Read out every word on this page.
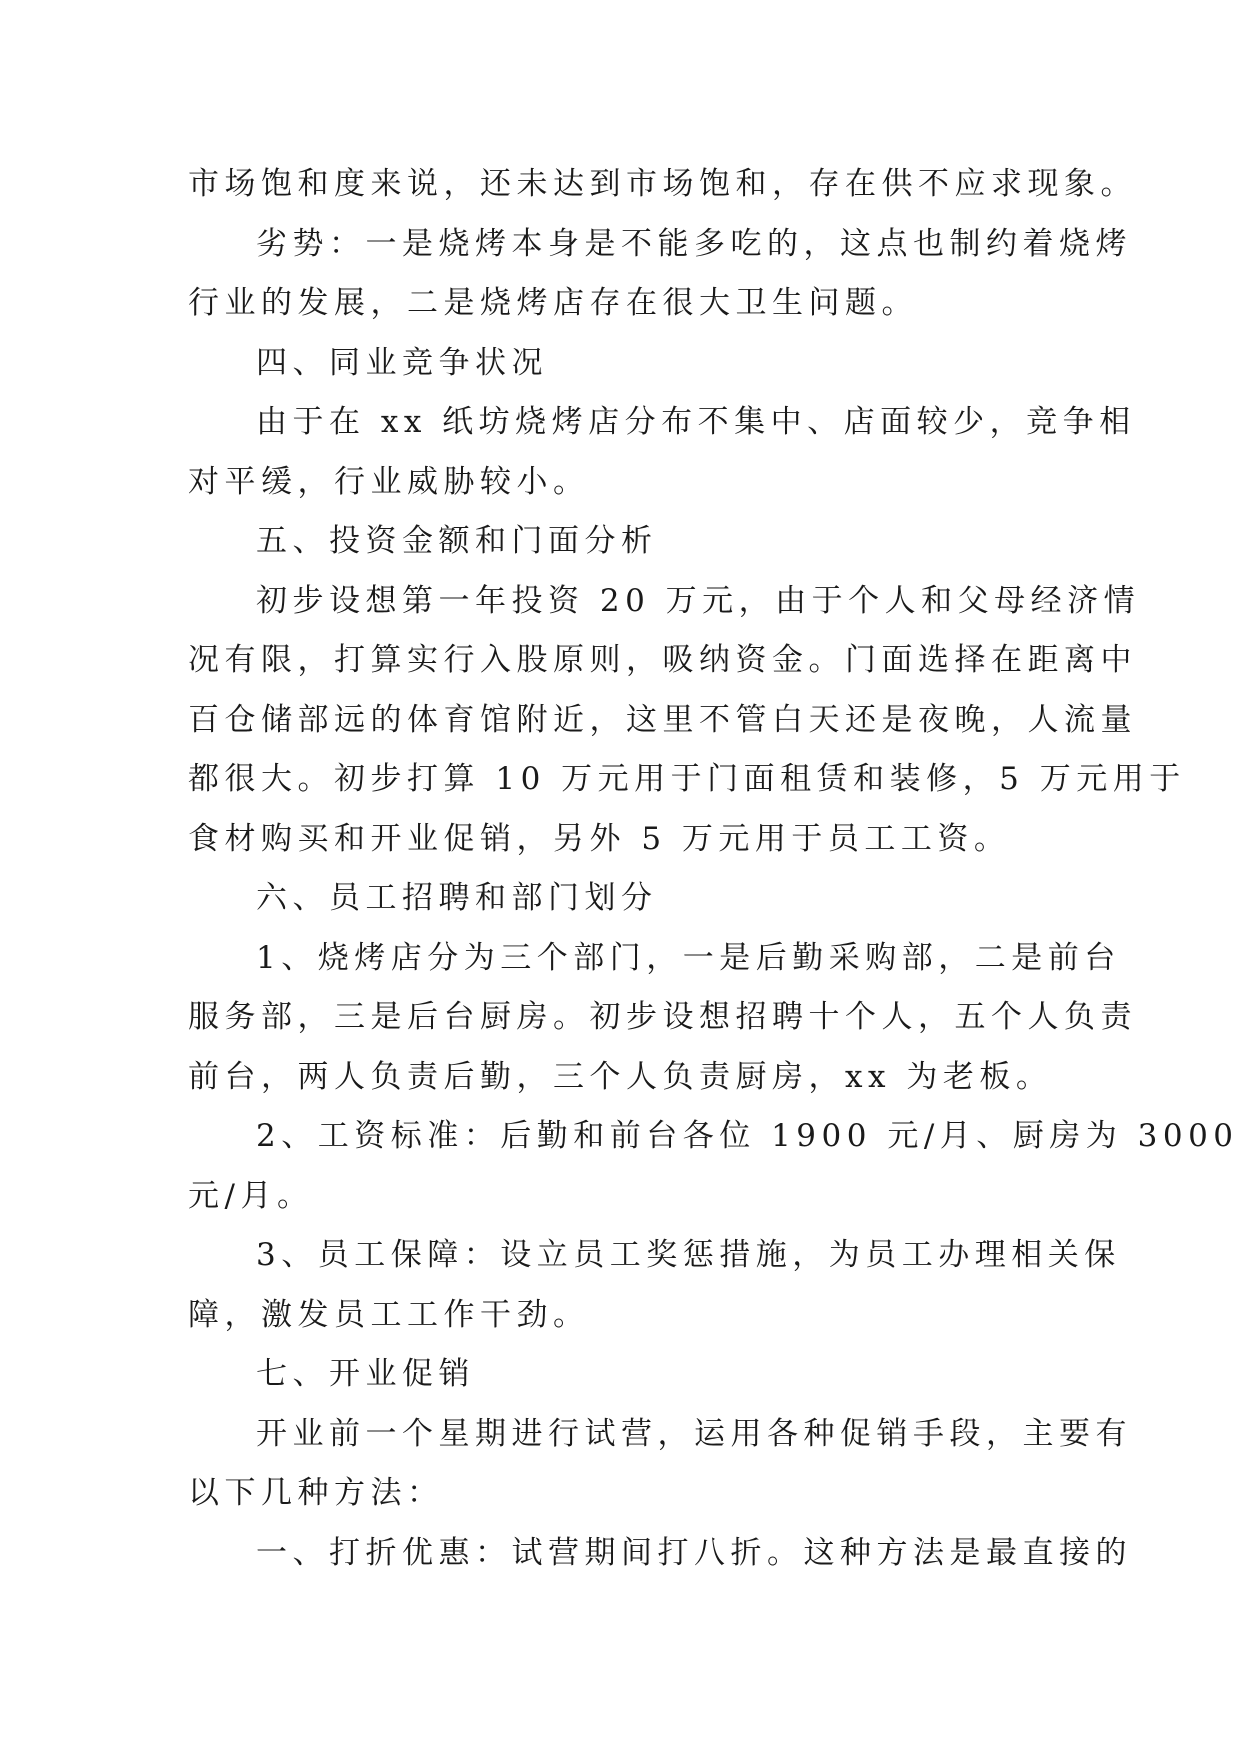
市场饱和度来说，还未达到市场饱和，存在供不应求现象。
劣势：一是烧烤本身是不能多吃的，这点也制约着烧烤
行业的发展，二是烧烤店存在很大卫生问题。
四、同业竞争状况
由于在 xx 纸坊烧烤店分布不集中、店面较少，竞争相
对平缓，行业威胁较小。
五、投资金额和门面分析
初步设想第一年投资 20 万元，由于个人和父母经济情
况有限，打算实行入股原则，吸纳资金。门面选择在距离中
百仓储部远的体育馆附近，这里不管白天还是夜晚，人流量
都很大。初步打算 10 万元用于门面租赁和装修，5 万元用于
食材购买和开业促销，另外 5 万元用于员工工资。
六、员工招聘和部门划分
1、烧烤店分为三个部门，一是后勤采购部，二是前台
服务部，三是后台厨房。初步设想招聘十个人，五个人负责
前台，两人负责后勤，三个人负责厨房，xx 为老板。
2、工资标准：后勤和前台各位 1900 元/月、厨房为 3000
元/月。
3、员工保障：设立员工奖惩措施，为员工办理相关保
障，激发员工工作干劲。
七、开业促销
开业前一个星期进行试营，运用各种促销手段，主要有
以下几种方法：
一、打折优惠：试营期间打八折。这种方法是最直接的
